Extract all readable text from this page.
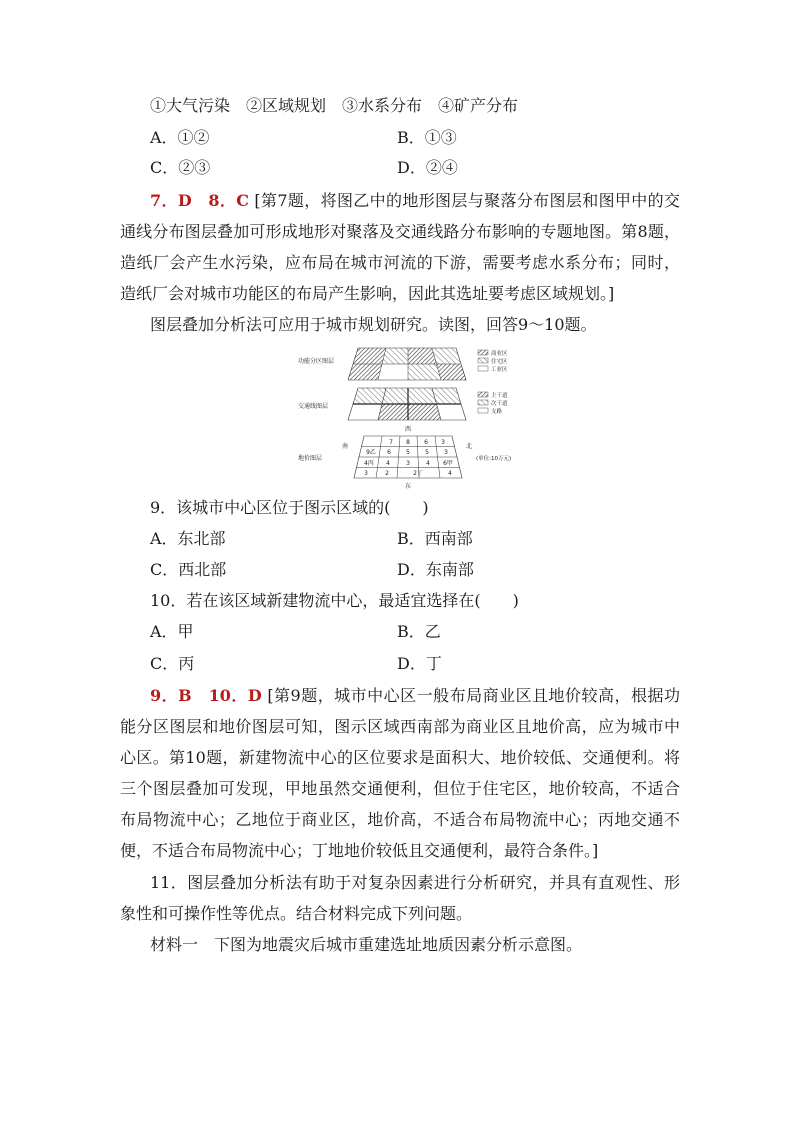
①大气污染　②区域规划　③水系分布　④矿产分布
A．①②	B．①③
C．②③	D．②④
7．D　8．C [第7题，将图乙中的地形图层与聚落分布图层和图甲中的交
通线分布图层叠加可形成地形对聚落及交通线路分布影响的专题地图。第8题，
造纸厂会产生水污染，应布局在城市河流的下游，需要考虑水系分布；同时，
造纸厂会对城市功能区的布局产生影响，因此其选址要考虑区域规划。]
图层叠加分析法可应用于城市规划研究。读图，回答9～10题。
功能分区图层
商业区
住宅区
工业区
交通线图层
主干道
次干道
支路
西
南	北
东
地价图层	(单位:10万元)
7 8 6 3
9乙 6	5	5	3
4丙 4	3	4 6甲
3	2	2丁	4
9．该城市中心区位于图示区域的(　　)
A．东北部	B．西南部
C．西北部	D．东南部
10．若在该区域新建物流中心，最适宜选择在(　　)
A．甲	B．乙
C．丙	D．丁
9．B　10．D [第9题，城市中心区一般布局商业区且地价较高，根据功
能分区图层和地价图层可知，图示区域西南部为商业区且地价高，应为城市中
心区。第10题，新建物流中心的区位要求是面积大、地价较低、交通便利。将
三个图层叠加可发现，甲地虽然交通便利，但位于住宅区，地价较高，不适合
布局物流中心；乙地位于商业区，地价高，不适合布局物流中心；丙地交通不
便，不适合布局物流中心；丁地地价较低且交通便利，最符合条件。]
11．图层叠加分析法有助于对复杂因素进行分析研究，并具有直观性、形
象性和可操作性等优点。结合材料完成下列问题。
材料一　下图为地震灾后城市重建选址地质因素分析示意图。
